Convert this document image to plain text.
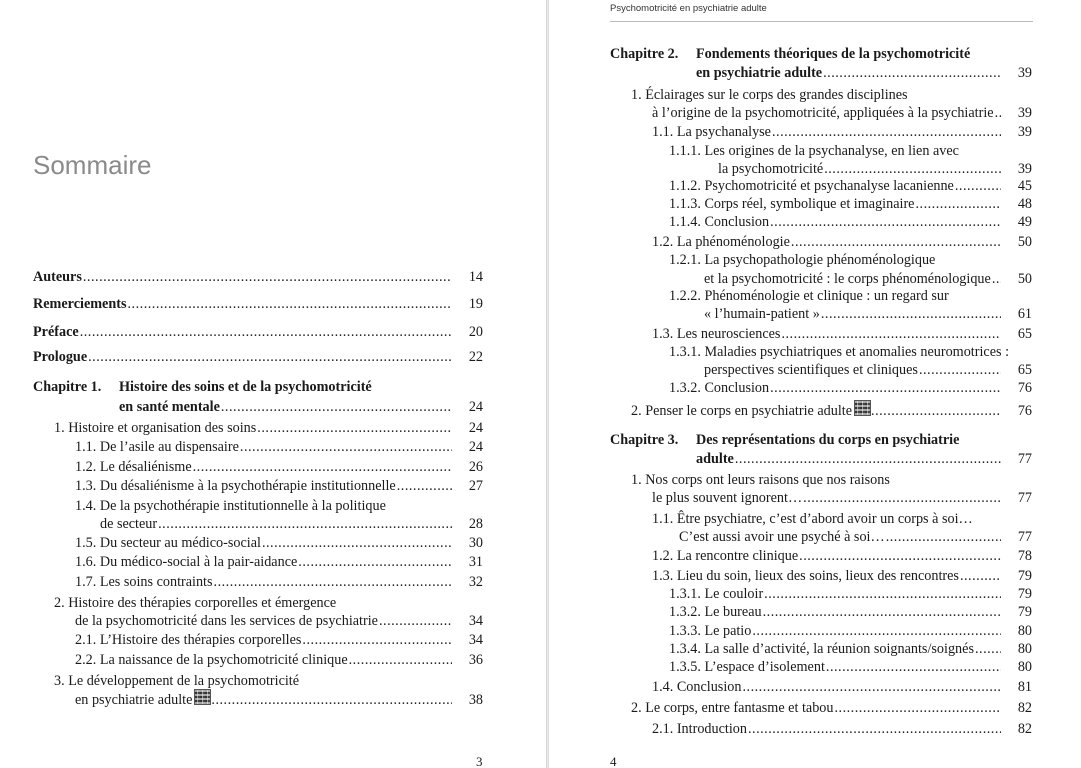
Sommaire
Auteurs .....	14
Remerciements .....	19
Préface .....	20
Prologue .....	22
Chapitre 1. Histoire des soins et de la psychomotricité
en santé mentale .....	24
1. Histoire et organisation des soins .....	24
1.1. De l’asile au dispensaire .....	24
1.2. Le désaliénisme .....	26
1.3. Du désaliénisme à la psychothérapie institutionnelle .....	27
1.4. De la psychothérapie institutionnelle à la politique
de secteur .....	28
1.5. Du secteur au médico-social .....	30
1.6. Du médico-social à la pair-aidance .....	31
1.7. Les soins contraints .....	32
2. Histoire des thérapies corporelles et émergence
de la psychomotricité dans les services de psychiatrie .....	34
2.1. L’Histoire des thérapies corporelles .....	34
2.2. La naissance de la psychomotricité clinique .....	36
3. Le développement de la psychomotricité
en psychiatrie adulte .....	38
3
Psychomotricité en psychiatrie adulte
Chapitre 2. Fondements théoriques de la psychomotricité
en psychiatrie adulte .....	39
1. Éclairages sur le corps des grandes disciplines
à l’origine de la psychomotricité, appliquées à la psychiatrie .....	39
1.1. La psychanalyse .....	39
1.1.1. Les origines de la psychanalyse, en lien avec
la psychomotricité .....	39
1.1.2. Psychomotricité et psychanalyse lacanienne .....	45
1.1.3. Corps réel, symbolique et imaginaire .....	48
1.1.4. Conclusion .....	49
1.2. La phénoménologie .....	50
1.2.1. La psychopathologie phénoménologique
et la psychomotricité : le corps phénoménologique .....	50
1.2.2. Phénoménologie et clinique : un regard sur
« l’humain-patient » .....	61
1.3. Les neurosciences .....	65
1.3.1. Maladies psychiatriques et anomalies neuromotrices :
perspectives scientifiques et cliniques .....	65
1.3.2. Conclusion .....	76
2. Penser le corps en psychiatrie adulte .....	76
Chapitre 3. Des représentations du corps en psychiatrie
adulte .....	77
1. Nos corps ont leurs raisons que nos raisons
le plus souvent ignorent… .....	77
1.1. Être psychiatre, c’est d’abord avoir un corps à soi…
C’est aussi avoir une psyché à soi… .....	77
1.2. La rencontre clinique .....	78
1.3. Lieu du soin, lieux des soins, lieux des rencontres .....	79
1.3.1. Le couloir .....	79
1.3.2. Le bureau .....	79
1.3.3. Le patio .....	80
1.3.4. La salle d’activité, la réunion soignants/soignés .....	80
1.3.5. L’espace d’isolement .....	80
1.4. Conclusion .....	81
2. Le corps, entre fantasme et tabou .....	82
2.1. Introduction .....	82
4
